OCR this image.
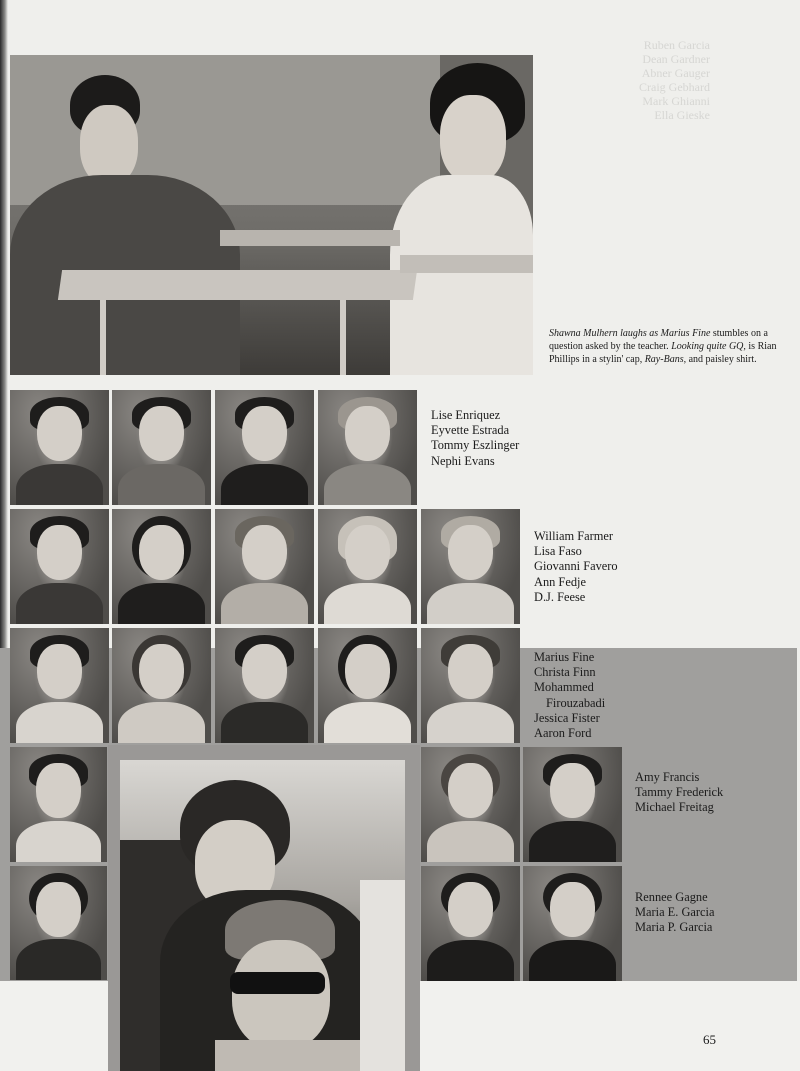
Ruben Garcia
Dean Gardner
Abner Gauger
Craig Gebhard
Mark Ghianni
Ella Gieske
Shawna Mulhern laughs as Marius Fine stumbles on a question asked by the teacher. Looking quite GQ, is Rian Phillips in a stylin' cap, Ray-Bans, and paisley shirt.
Lise Enriquez
Eyvette Estrada
Tommy Eszlinger
Nephi Evans
William Farmer
Lisa Faso
Giovanni Favero
Ann Fedje
D.J. Feese
Marius Fine
Christa Finn
Mohammed
Firouzabadi
Jessica Fister
Aaron Ford
Amy Francis
Tammy Frederick
Michael Freitag
Rennee Gagne
Maria E. Garcia
Maria P. Garcia
65
